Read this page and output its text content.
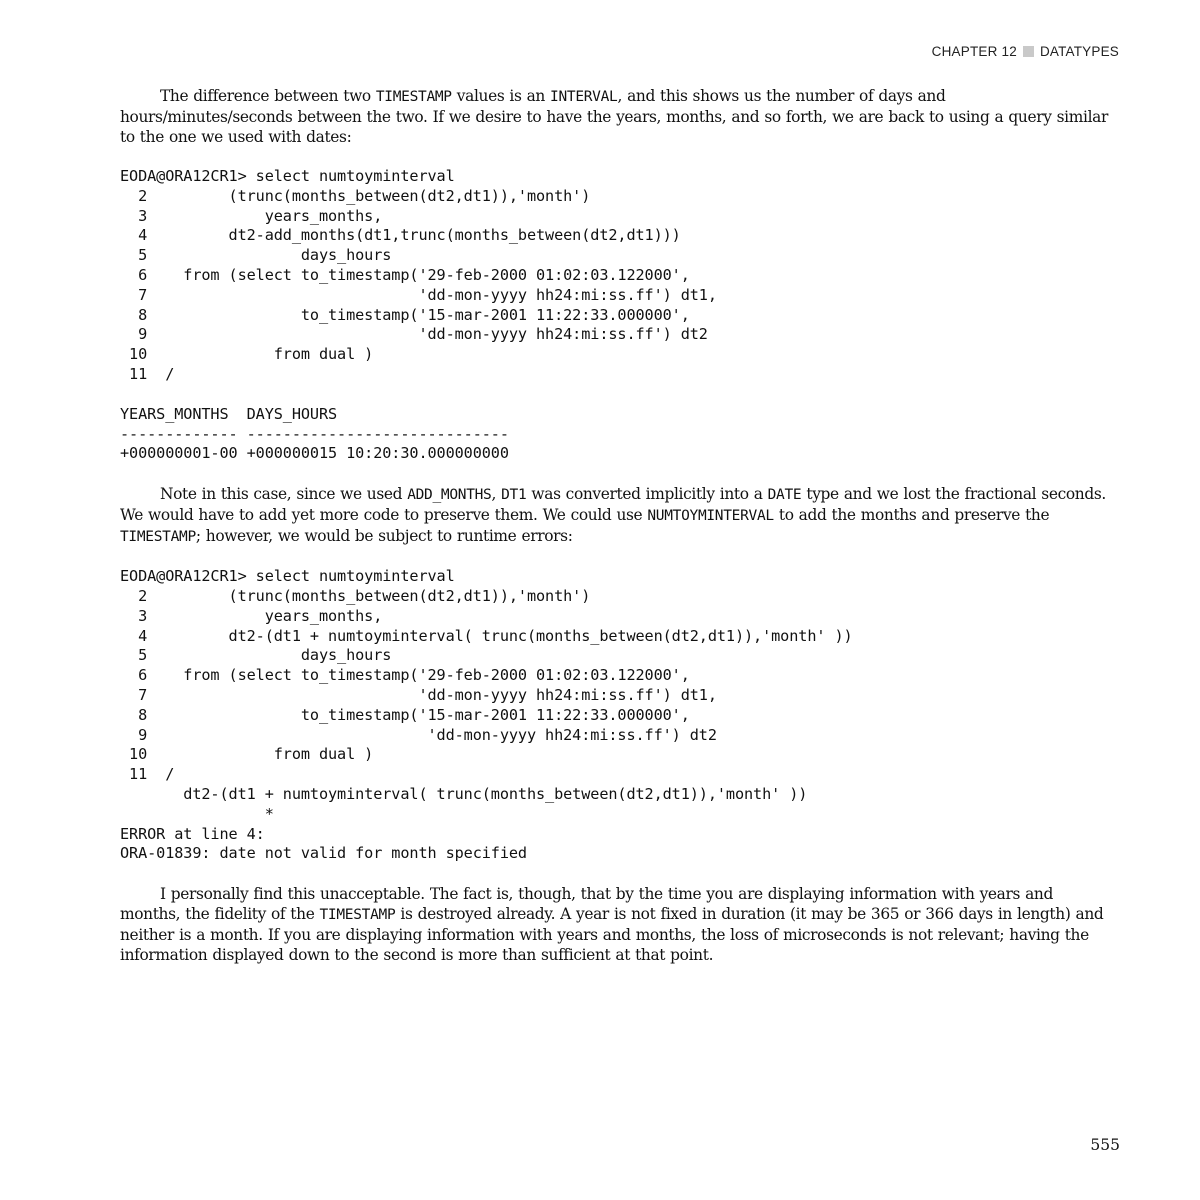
CHAPTER 12 DATATYPES

The difference between two TIMESTAMP values is an INTERVAL, and this shows us the number of days and hours/minutes/seconds between the two. If we desire to have the years, months, and so forth, we are back to using a query similar to the one we used with dates:

EODA@ORA12CR1> select numtoyminterval
2         (trunc(months_between(dt2,dt1)),'month')
3             years_months,
4         dt2-add_months(dt1,trunc(months_between(dt2,dt1)))
5                 days_hours
6    from (select to_timestamp('29-feb-2000 01:02:03.122000',
7                              'dd-mon-yyyy hh24:mi:ss.ff') dt1,
8                 to_timestamp('15-mar-2001 11:22:33.000000',
9                              'dd-mon-yyyy hh24:mi:ss.ff') dt2
10              from dual )
11  /
YEARS_MONTHS  DAYS_HOURS
------------- -----------------------------
+000000001-00 +000000015 10:20:30.000000000

Note in this case, since we used ADD_MONTHS, DT1 was converted implicitly into a DATE type and we lost the fractional seconds. We would have to add yet more code to preserve them. We could use NUMTOYMINTERVAL to add the months and preserve the TIMESTAMP; however, we would be subject to runtime errors:

EODA@ORA12CR1> select numtoyminterval
2         (trunc(months_between(dt2,dt1)),'month')
3             years_months,
4         dt2-(dt1 + numtoyminterval( trunc(months_between(dt2,dt1)),'month' ))
5                 days_hours
6    from (select to_timestamp('29-feb-2000 01:02:03.122000',
7                              'dd-mon-yyyy hh24:mi:ss.ff') dt1,
8                 to_timestamp('15-mar-2001 11:22:33.000000',
9                               'dd-mon-yyyy hh24:mi:ss.ff') dt2
10              from dual )
11  /
dt2-(dt1 + numtoyminterval( trunc(months_between(dt2,dt1)),'month' ))
*
ERROR at line 4:
ORA-01839: date not valid for month specified

I personally find this unacceptable. The fact is, though, that by the time you are displaying information with years and months, the fidelity of the TIMESTAMP is destroyed already. A year is not fixed in duration (it may be 365 or 366 days in length) and neither is a month. If you are displaying information with years and months, the loss of microseconds is not relevant; having the information displayed down to the second is more than sufficient at that point.

555
